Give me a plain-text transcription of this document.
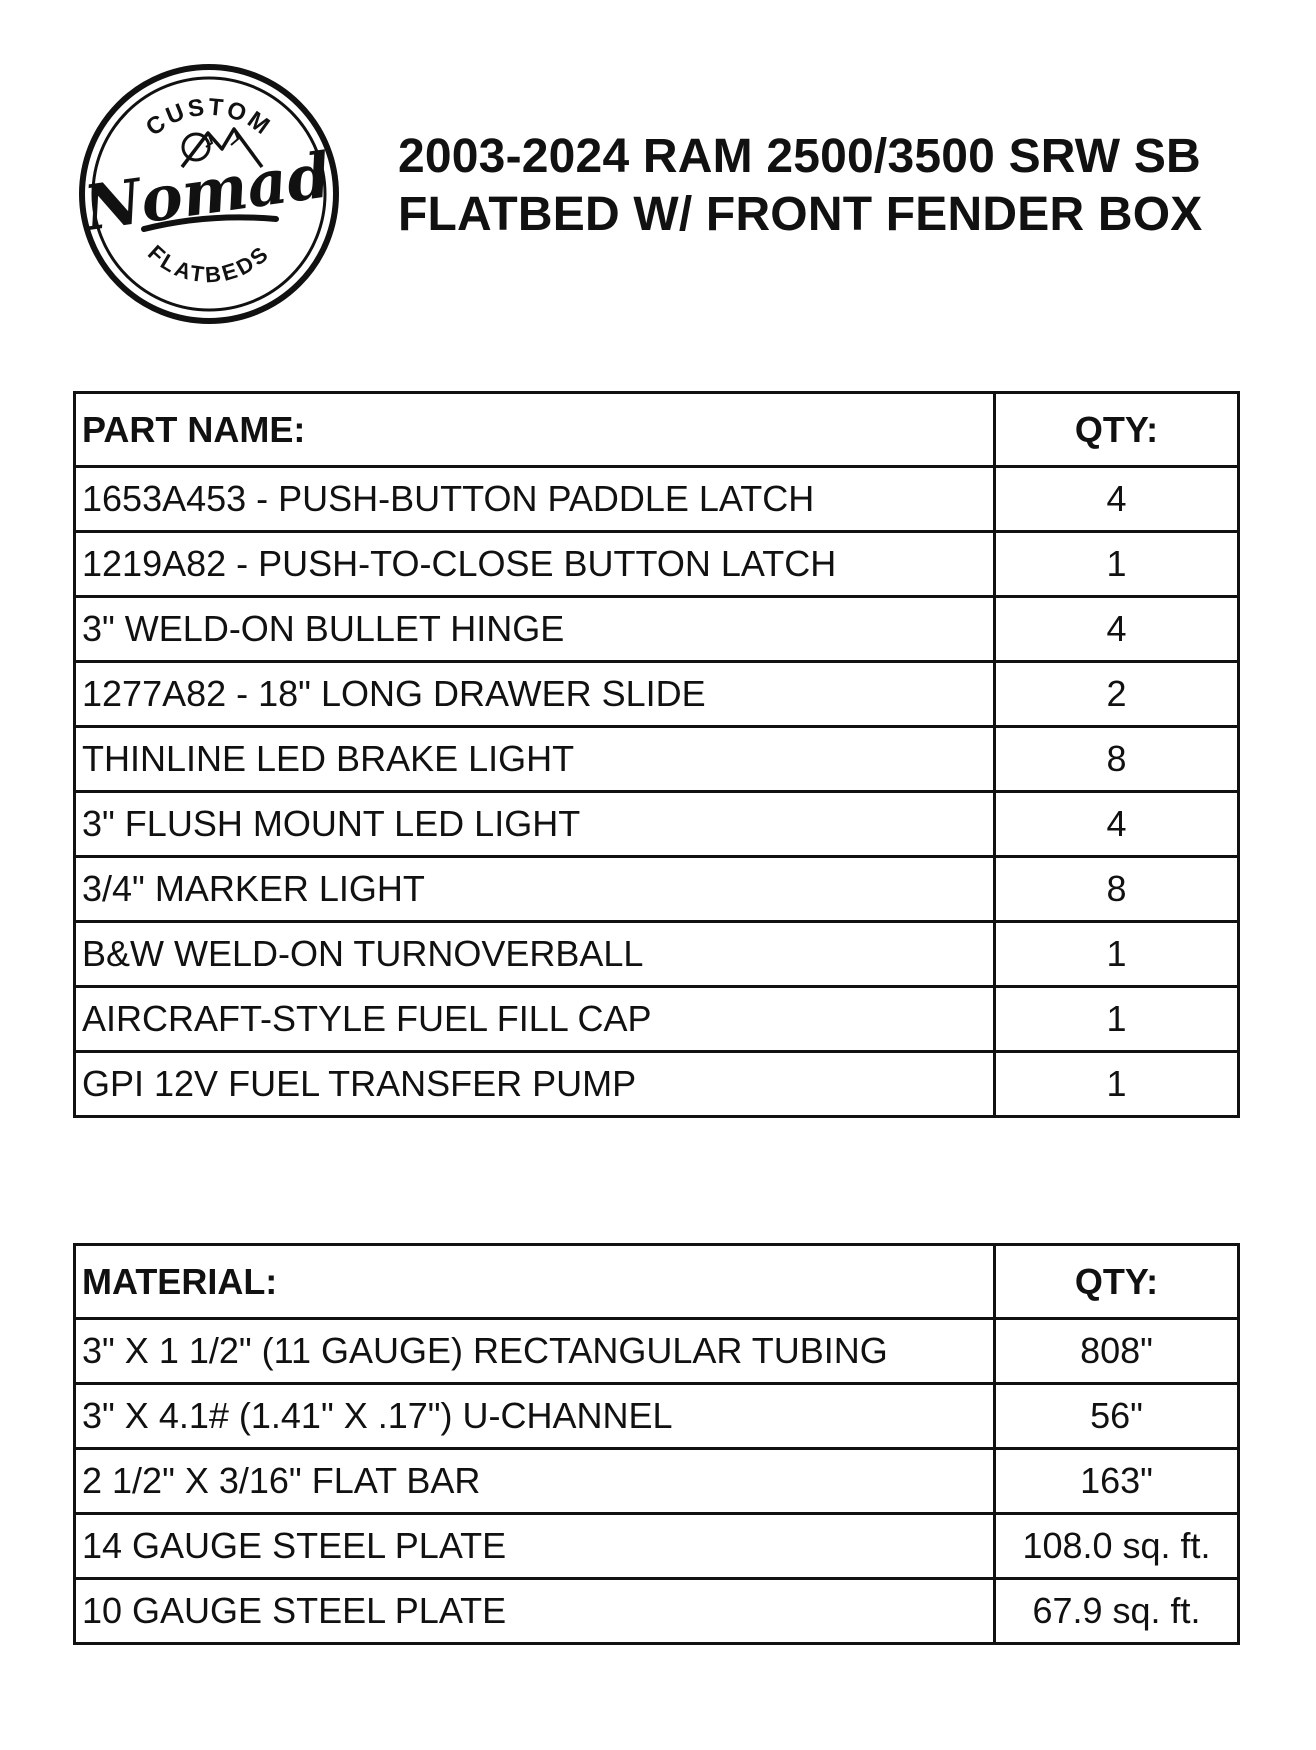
CUSTOM
Nomad
FLATBEDS
2003-2024 RAM 2500/3500 SRW SB
FLATBED W/ FRONT FENDER BOX
PART NAME:	QTY:
1653A453 - PUSH-BUTTON PADDLE LATCH	4
1219A82 - PUSH-TO-CLOSE BUTTON LATCH	1
3" WELD-ON BULLET HINGE	4
1277A82 - 18" LONG DRAWER SLIDE	2
THINLINE LED BRAKE LIGHT	8
3" FLUSH MOUNT LED LIGHT	4
3/4" MARKER LIGHT	8
B&W WELD-ON TURNOVERBALL	1
AIRCRAFT-STYLE FUEL FILL CAP	1
GPI 12V FUEL TRANSFER PUMP	1
MATERIAL:	QTY:
3" X 1 1/2" (11 GAUGE) RECTANGULAR TUBING	808"
3" X 4.1# (1.41" X .17") U-CHANNEL	56"
2 1/2" X 3/16" FLAT BAR	163"
14 GAUGE STEEL PLATE	108.0 sq. ft.
10 GAUGE STEEL PLATE	67.9 sq. ft.
